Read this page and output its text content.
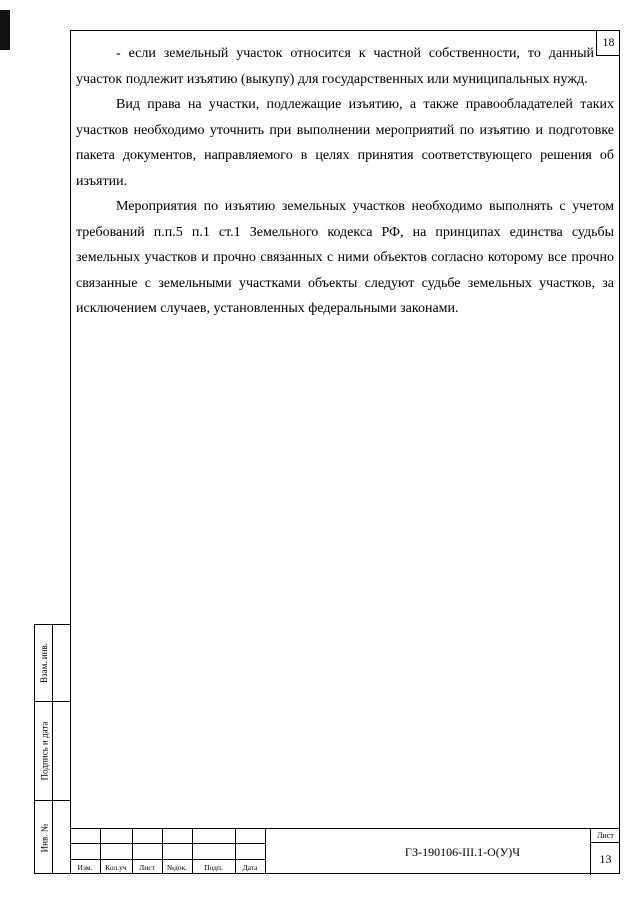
18

- если земельный участок относится к частной собственности, то данный участок подлежит изъятию (выкупу) для государственных или муниципальных нужд.

Вид права на участки, подлежащие изъятию, а также правообладателей таких участков необходимо уточнить при выполнении мероприятий по изъятию и подготовке пакета документов, направляемого в целях принятия соответствующего решения об изъятии.

Мероприятия по изъятию земельных участков необходимо выполнять с учетом требований п.п.5 п.1 ст.1 Земельного кодекса РФ, на принципах единства судьбы земельных участков и прочно связанных с ними объектов согласно которому все прочно связанные с земельными участками объекты следуют судьбе земельных участков, за исключением случаев, установленных федеральными законами.

Взам. инв.
Подпись и дата
Инв. №
Изм.	Кол.уч	Лист	№док.	Подп.	Дата
ГЗ-190106-III.1-О(У)Ч
Лист
13
